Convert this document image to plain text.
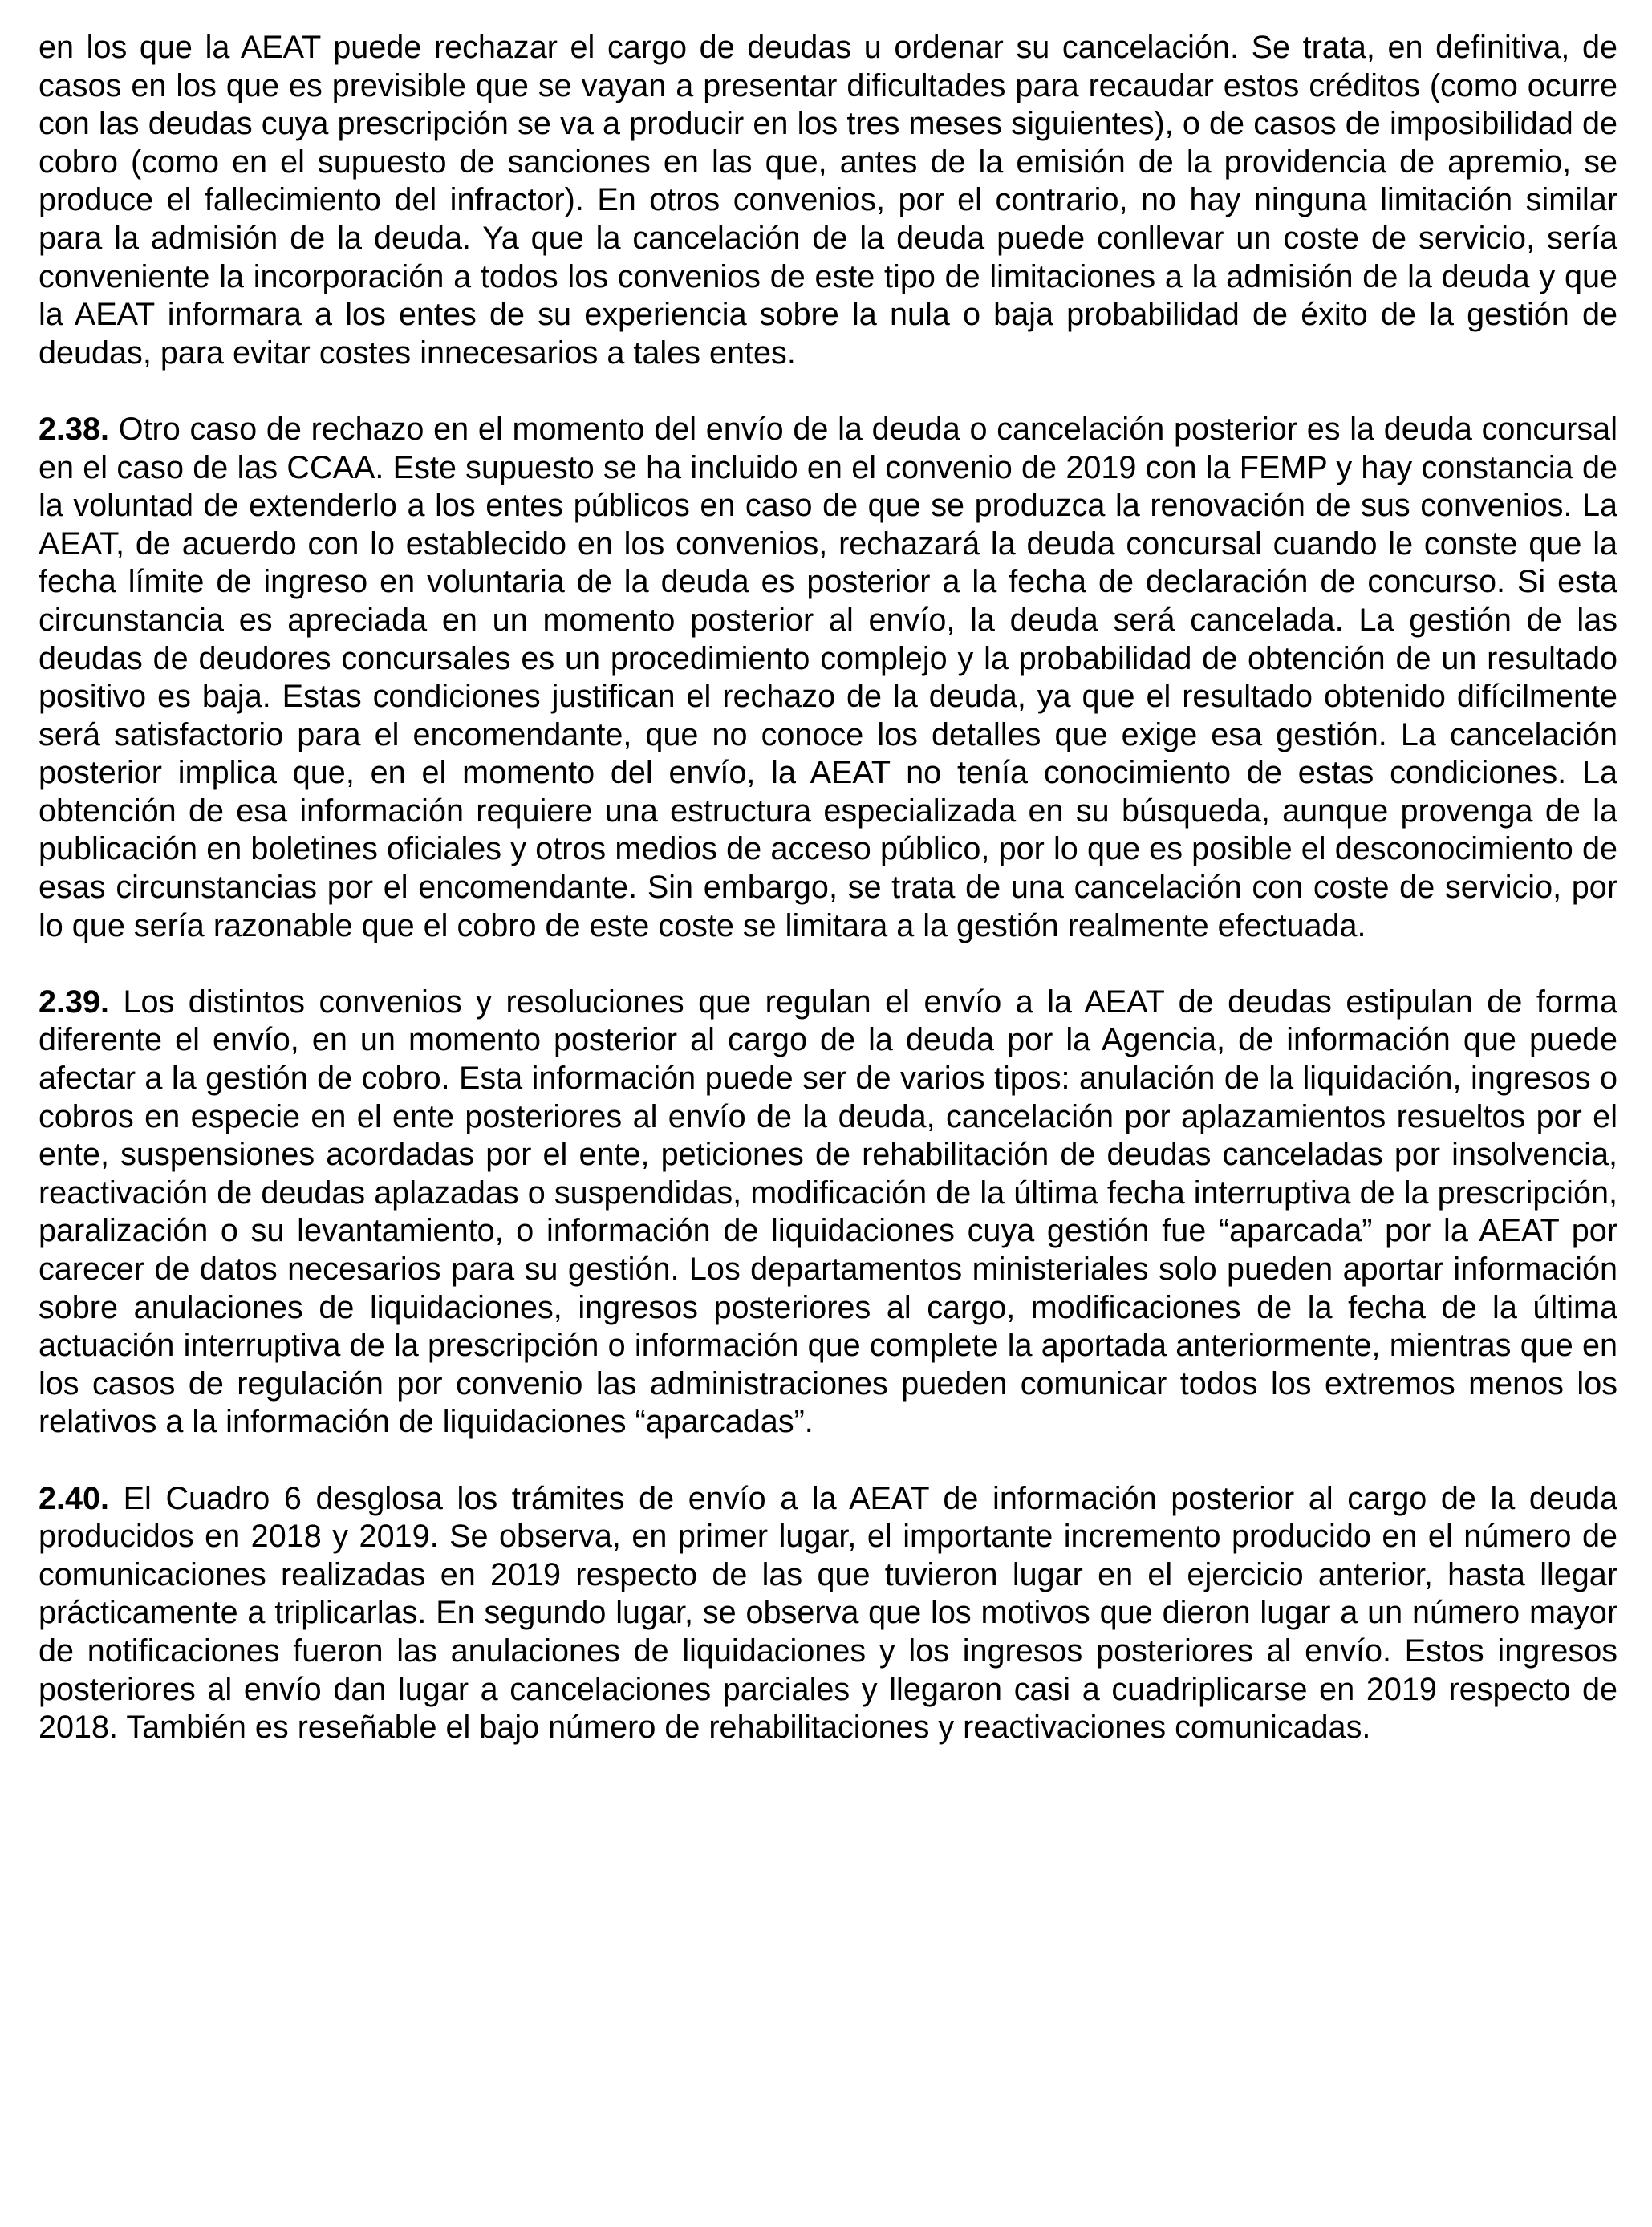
en los que la AEAT puede rechazar el cargo de deudas u ordenar su cancelación. Se trata, en definitiva, de casos en los que es previsible que se vayan a presentar dificultades para recaudar estos créditos (como ocurre con las deudas cuya prescripción se va a producir en los tres meses siguientes), o de casos de imposibilidad de cobro (como en el supuesto de sanciones en las que, antes de la emisión de la providencia de apremio, se produce el fallecimiento del infractor). En otros convenios, por el contrario, no hay ninguna limitación similar para la admisión de la deuda. Ya que la cancelación de la deuda puede conllevar un coste de servicio, sería conveniente la incorporación a todos los convenios de este tipo de limitaciones a la admisión de la deuda y que la AEAT informara a los entes de su experiencia sobre la nula o baja probabilidad de éxito de la gestión de deudas, para evitar costes innecesarios a tales entes.

2.38. Otro caso de rechazo en el momento del envío de la deuda o cancelación posterior es la deuda concursal en el caso de las CCAA. Este supuesto se ha incluido en el convenio de 2019 con la FEMP y hay constancia de la voluntad de extenderlo a los entes públicos en caso de que se produzca la renovación de sus convenios. La AEAT, de acuerdo con lo establecido en los convenios, rechazará la deuda concursal cuando le conste que la fecha límite de ingreso en voluntaria de la deuda es posterior a la fecha de declaración de concurso. Si esta circunstancia es apreciada en un momento posterior al envío, la deuda será cancelada. La gestión de las deudas de deudores concursales es un procedimiento complejo y la probabilidad de obtención de un resultado positivo es baja. Estas condiciones justifican el rechazo de la deuda, ya que el resultado obtenido difícilmente será satisfactorio para el encomendante, que no conoce los detalles que exige esa gestión. La cancelación posterior implica que, en el momento del envío, la AEAT no tenía conocimiento de estas condiciones. La obtención de esa información requiere una estructura especializada en su búsqueda, aunque provenga de la publicación en boletines oficiales y otros medios de acceso público, por lo que es posible el desconocimiento de esas circunstancias por el encomendante. Sin embargo, se trata de una cancelación con coste de servicio, por lo que sería razonable que el cobro de este coste se limitara a la gestión realmente efectuada.

2.39. Los distintos convenios y resoluciones que regulan el envío a la AEAT de deudas estipulan de forma diferente el envío, en un momento posterior al cargo de la deuda por la Agencia, de información que puede afectar a la gestión de cobro. Esta información puede ser de varios tipos: anulación de la liquidación, ingresos o cobros en especie en el ente posteriores al envío de la deuda, cancelación por aplazamientos resueltos por el ente, suspensiones acordadas por el ente, peticiones de rehabilitación de deudas canceladas por insolvencia, reactivación de deudas aplazadas o suspendidas, modificación de la última fecha interruptiva de la prescripción, paralización o su levantamiento, o información de liquidaciones cuya gestión fue “aparcada” por la AEAT por carecer de datos necesarios para su gestión. Los departamentos ministeriales solo pueden aportar información sobre anulaciones de liquidaciones, ingresos posteriores al cargo, modificaciones de la fecha de la última actuación interruptiva de la prescripción o información que complete la aportada anteriormente, mientras que en los casos de regulación por convenio las administraciones pueden comunicar todos los extremos menos los relativos a la información de liquidaciones “aparcadas”.

2.40. El Cuadro 6 desglosa los trámites de envío a la AEAT de información posterior al cargo de la deuda producidos en 2018 y 2019. Se observa, en primer lugar, el importante incremento producido en el número de comunicaciones realizadas en 2019 respecto de las que tuvieron lugar en el ejercicio anterior, hasta llegar prácticamente a triplicarlas. En segundo lugar, se observa que los motivos que dieron lugar a un número mayor de notificaciones fueron las anulaciones de liquidaciones y los ingresos posteriores al envío. Estos ingresos posteriores al envío dan lugar a cancelaciones parciales y llegaron casi a cuadriplicarse en 2019 respecto de 2018. También es reseñable el bajo número de rehabilitaciones y reactivaciones comunicadas.
